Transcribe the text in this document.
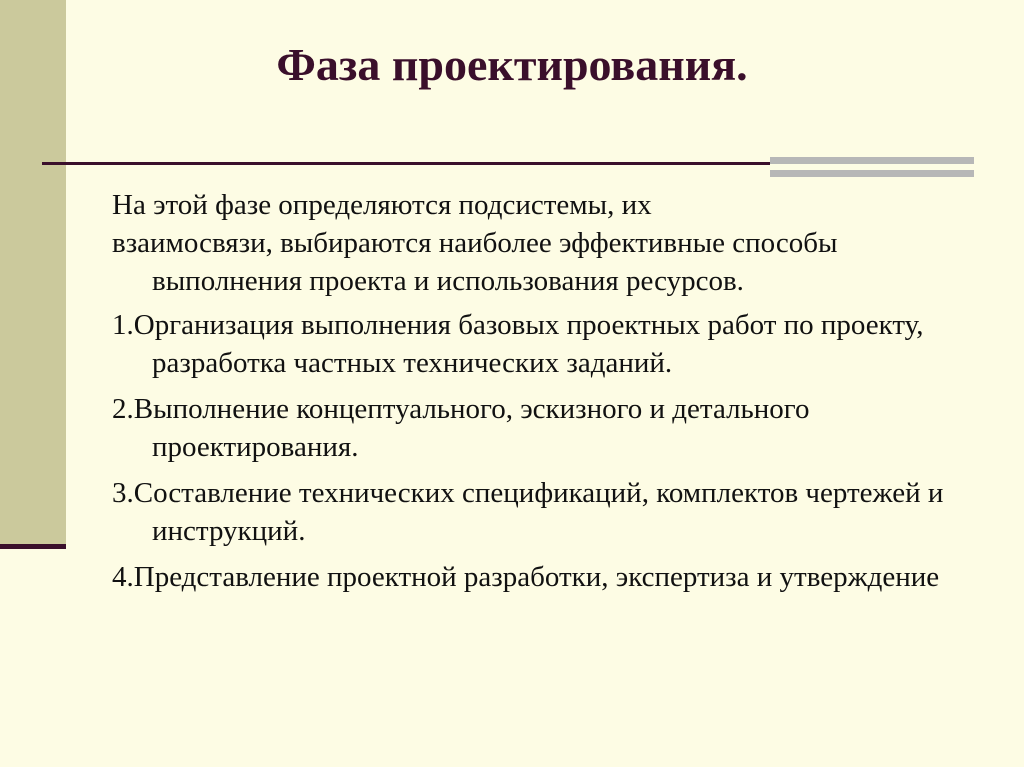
Фаза проектирования.

На этой фазе определяются подсистемы, их
взаимосвязи, выбираются наиболее эффективные способы выполнения проекта и использования ресурсов.

1.Организация выполнения базовых проектных работ по проекту, разработка частных технических заданий.

2.Выполнение концептуального, эскизного и детального проектирования.

3.Составление технических спецификаций, комплектов чертежей и инструкций.

4.Представление проектной разработки, экспертиза и утверждение
